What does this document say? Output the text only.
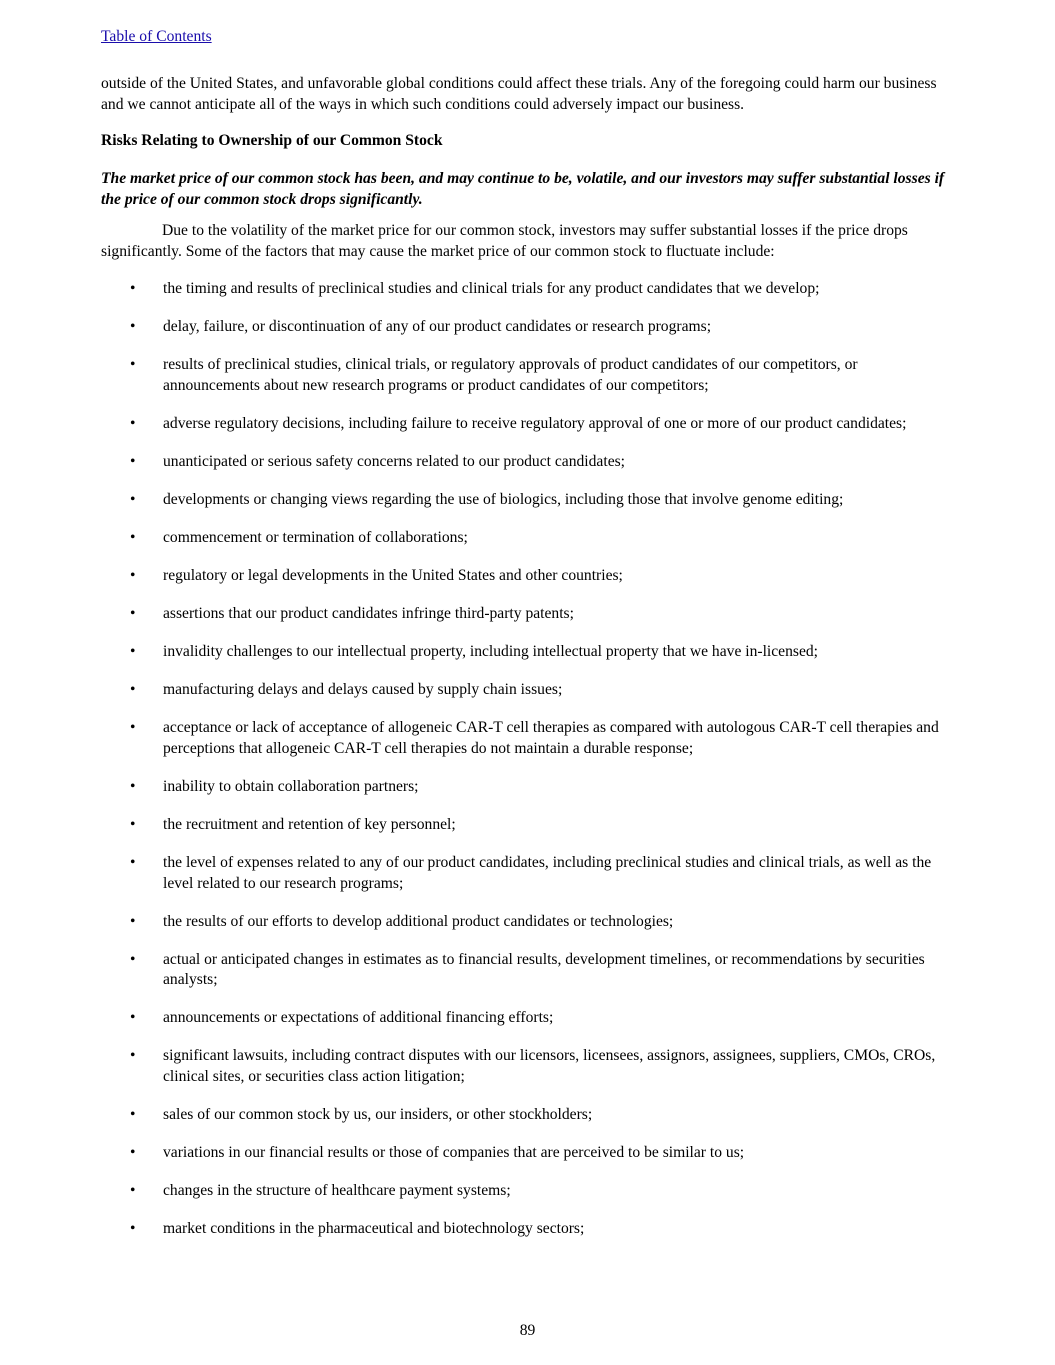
Table of Contents

outside of the United States, and unfavorable global conditions could affect these trials. Any of the foregoing could harm our business and we cannot anticipate all of the ways in which such conditions could adversely impact our business.

Risks Relating to Ownership of our Common Stock

The market price of our common stock has been, and may continue to be, volatile, and our investors may suffer substantial losses if the price of our common stock drops significantly.

Due to the volatility of the market price for our common stock, investors may suffer substantial losses if the price drops significantly. Some of the factors that may cause the market price of our common stock to fluctuate include:

• the timing and results of preclinical studies and clinical trials for any product candidates that we develop;
• delay, failure, or discontinuation of any of our product candidates or research programs;
• results of preclinical studies, clinical trials, or regulatory approvals of product candidates of our competitors, or announcements about new research programs or product candidates of our competitors;
• adverse regulatory decisions, including failure to receive regulatory approval of one or more of our product candidates;
• unanticipated or serious safety concerns related to our product candidates;
• developments or changing views regarding the use of biologics, including those that involve genome editing;
• commencement or termination of collaborations;
• regulatory or legal developments in the United States and other countries;
• assertions that our product candidates infringe third-party patents;
• invalidity challenges to our intellectual property, including intellectual property that we have in-licensed;
• manufacturing delays and delays caused by supply chain issues;
• acceptance or lack of acceptance of allogeneic CAR-T cell therapies as compared with autologous CAR-T cell therapies and perceptions that allogeneic CAR-T cell therapies do not maintain a durable response;
• inability to obtain collaboration partners;
• the recruitment and retention of key personnel;
• the level of expenses related to any of our product candidates, including preclinical studies and clinical trials, as well as the level related to our research programs;
• the results of our efforts to develop additional product candidates or technologies;
• actual or anticipated changes in estimates as to financial results, development timelines, or recommendations by securities analysts;
• announcements or expectations of additional financing efforts;
• significant lawsuits, including contract disputes with our licensors, licensees, assignors, assignees, suppliers, CMOs, CROs, clinical sites, or securities class action litigation;
• sales of our common stock by us, our insiders, or other stockholders;
• variations in our financial results or those of companies that are perceived to be similar to us;
• changes in the structure of healthcare payment systems;
• market conditions in the pharmaceutical and biotechnology sectors;
89
